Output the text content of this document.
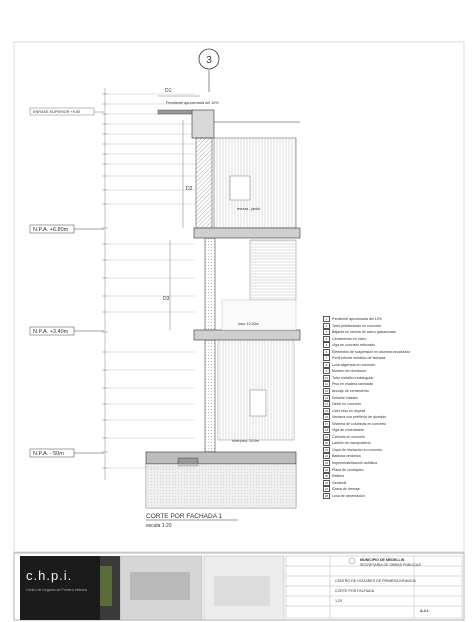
3
D1
D2
D3
ENRASE SUPERIOR +9.80
Pendiente aproximada del 10%
terraza - jardín
losa: 10.40m
nivel piso: 10.0m
N.P.A. +6.80m
N.P.A. +3.40m
N.P.A. - 50m
CORTE POR FACHADA 1
escala 1:20
1 Pendiente aproximada del 10%
2 Tarro prefabricado en concreto
3 Bajante en lámina de acero galvanizado
4 Cerramiento en vidrio
5 Viga en concreto reforzado
6 Elementos de suspensión en aluminio anodizado
7 Perfil tubular metálico de fachada
8 Losa aligerada en concreto
9 Mortero de nivelación
10 Tubo metálico rectangular
11 Piso en madera laminada
12 Anclaje de cerramiento
13 Sellante elástico
14 Dintel en concreto
15 Cielo raso en drywall
16 Ventana con perfilería de aluminio
17 Sistema de columnas en concreto
18 Viga de cimentación
19 Cañuela en concreto
20 Ladrillo de mampostería
21 Capa de nivelación en concreto
22 Baldosa cerámica
23 Impermeabilización asfáltica
24 Placa de contrapiso
25 Relleno
26 Geotextil
27 Grava de drenaje
28 Losa de cimentación
c.h.p.i.
Centro de Hogares de Primera Infancia
MUNICIPIO DE MEDELLIN
SECRETARIA DE OBRAS PUBLICAS
CENTRO DE HOGARES DE PRIMERA INFANCIA
CORTE POR FACHADA
1:20
A-3.1
